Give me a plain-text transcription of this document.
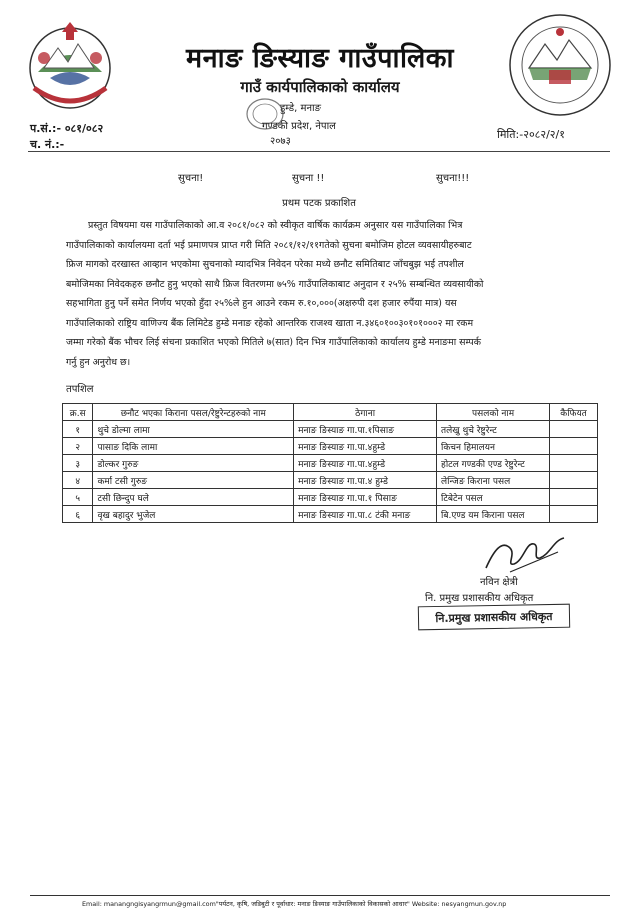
मनाङ ङिस्याङ गाउँपालिका
गाउँ कार्यपालिकाको कार्यालय
हुम्डे, मनाङ
गण्डकी प्रदेश, नेपाल
२०७३
प.सं.:- ०८१/०८२
च. नं.:-
मिति:-२०८२/२/१
सुचना!	सुचना !!	सुचना!!!
प्रथम पटक प्रकाशित
प्रस्तुत विषयमा यस गाउँपालिकाको आ.व २०८१/०८२ को स्वीकृत वार्षिक कार्यक्रम अनुसार यस गाउँपालिका भित्र
गाउँपालिकाको कार्यालयमा दर्ता भई प्रमाणपत्र प्राप्त गरी मिति २०८१/१२/११गतेको सुचना बमोजिम होटल व्यवसायीहरुबाट
फ्रिज मागको दरखास्त आव्हान भएकोमा सुचनाको म्यादभित्र निवेदन परेका मध्ये छनौट समितिबाट जाँचबुझ भई तपशील
बमोजिमका निवेदकहरु छनौट हुनु भएको साथै फ्रिज वितरणमा ७५% गाउँपालिकाबाट अनुदान र २५% सम्बन्धित व्यवसायीको
सहभागिता हुनु पर्ने समेत निर्णय भएको हुँदा २५%ले हुन आउने रकम रु.१०,०००(अक्षरुपी दश हजार रुपैंया मात्र) यस
गाउँपालिकाको राष्ट्रिय वाणिज्य बैंक लिमिटेड हुम्डे मनाङ रहेको आन्तरिक राजश्व खाता न.३४६०१००३०१०१०००२ मा रकम
जम्मा गरेको बैंक भौचर लिई संचना प्रकाशित भएको मितिले ७(सात) दिन भित्र गाउँपालिकाको कार्यालय हुम्डे मनाङमा सम्पर्क
गर्नु हुन अनुरोध छ।
तपशिल
क्र.स	छनौट भएका किराना पसल/रेष्टुरेन्टहरुको नाम	ठेगाना	पसलको नाम	कैफियत
१	थुचे डोल्मा लामा	मनाङ ङिस्याङ गा.पा.१पिसाङ	तलेखु थुचे रेष्टुरेन्ट	
२	पासाङ दिकि लामा	मनाङ ङिस्याङ गा.पा.४हुम्डे	किचन हिमालयन	
३	डोल्कर गुरुङ	मनाङ ङिस्याङ गा.पा.४हुम्डे	होटल गण्डकी एण्ड रेष्टुरेन्ट	
४	कर्मा टसी गुरुङ	मनाङ ङिस्याङ गा.पा.४ हुम्डे	लेन्जिङ किराना पसल	
५	टसी छिन्दुप घले	मनाङ ङिस्याङ गा.पा.१ पिसाङ	टिबेटेन पसल	
६	वृख बहादुर भुजेल	मनाङ ङिस्याङ गा.पा.८ टंकी मनाङ	बि.एण्ड यम किराना पसल	
नविन क्षेत्री
नि. प्रमुख प्रशासकीय अधिकृत
नि.प्रमुख प्रशासकीय अधिकृत
Email: manangngisyangrmun@gmail.com"पर्यटन, कृषि, जडिबुटी र पूर्वाधार: मनाङ ङिस्याङ गाउँपालिकाको विकासको आधार" Website: nesyangmun.gov.np
